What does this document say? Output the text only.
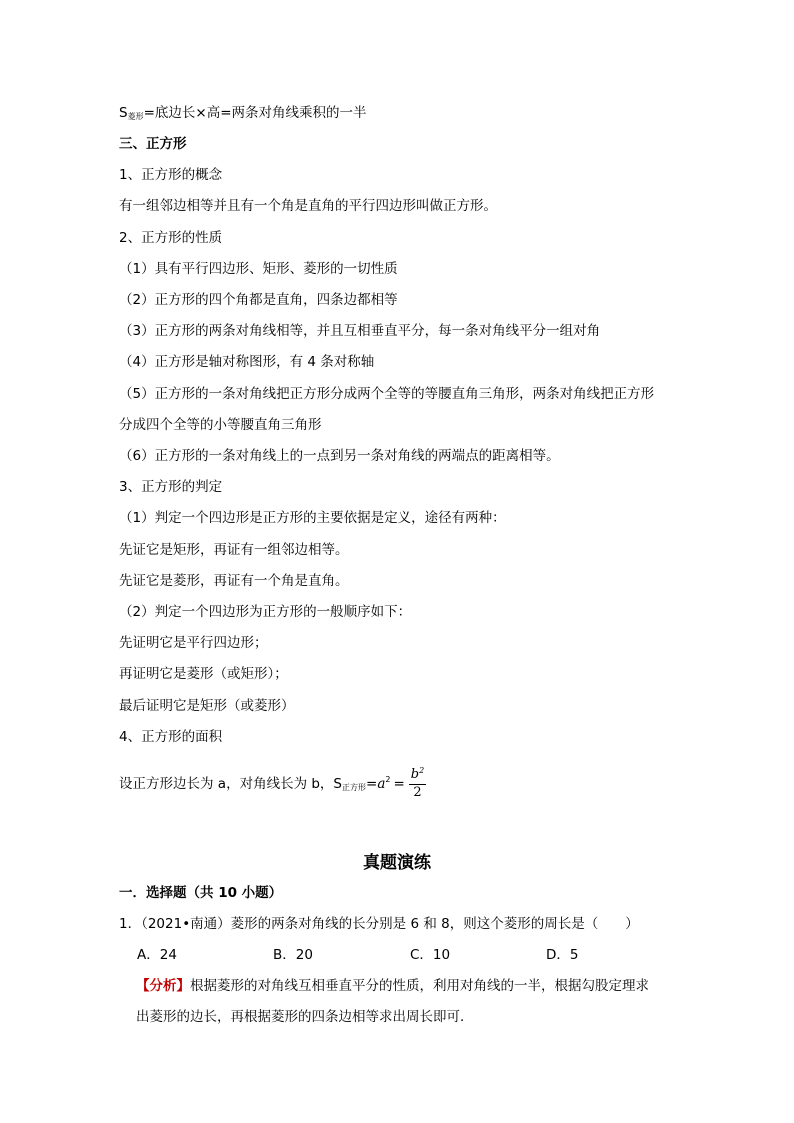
S菱形=底边长×高=两条对角线乘积的一半
三、正方形
1、正方形的概念
有一组邻边相等并且有一个角是直角的平行四边形叫做正方形。
2、正方形的性质
（1）具有平行四边形、矩形、菱形的一切性质
（2）正方形的四个角都是直角，四条边都相等
（3）正方形的两条对角线相等，并且互相垂直平分，每一条对角线平分一组对角
（4）正方形是轴对称图形，有 4 条对称轴
（5）正方形的一条对角线把正方形分成两个全等的等腰直角三角形，两条对角线把正方形
分成四个全等的小等腰直角三角形
（6）正方形的一条对角线上的一点到另一条对角线的两端点的距离相等。
3、正方形的判定
（1）判定一个四边形是正方形的主要依据是定义，途径有两种：
先证它是矩形，再证有一组邻边相等。
先证它是菱形，再证有一个角是直角。
（2）判定一个四边形为正方形的一般顺序如下：
先证明它是平行四边形；
再证明它是菱形（或矩形）；
最后证明它是矩形（或菱形）
4、正方形的面积
设正方形边长为 a，对角线长为 b，S正方形$=a^2 = \frac{b^2}{2}$
真题演练
一．选择题（共 10 小题）
1．（2021•南通）菱形的两条对角线的长分别是 6 和 8，则这个菱形的周长是（　　）
A．24	B．20	C．10	D．5
【分析】根据菱形的对角线互相垂直平分的性质，利用对角线的一半，根据勾股定理求
出菱形的边长，再根据菱形的四条边相等求出周长即可．
